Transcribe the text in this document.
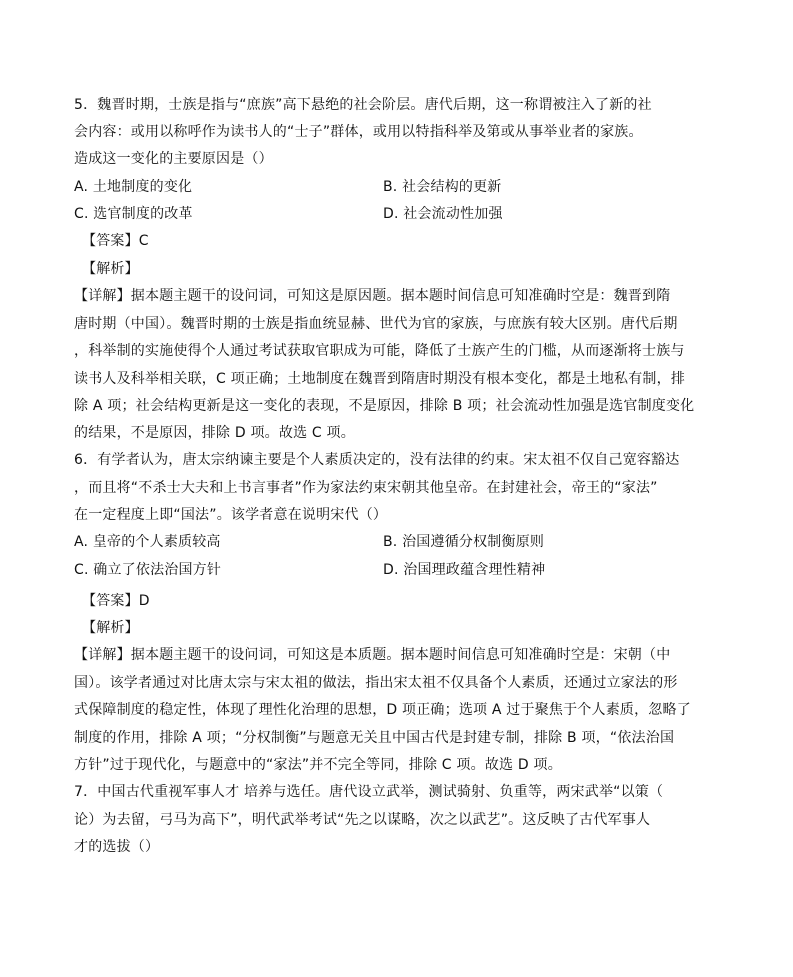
5．魏晋时期，士族是指与“庶族”高下悬绝的社会阶层。唐代后期，这一称谓被注入了新的社
会内容：或用以称呼作为读书人的“士子”群体，或用以特指科举及第或从事举业者的家族。
造成这一变化的主要原因是（）
A. 土地制度的变化	B. 社会结构的更新
C. 选官制度的改革	D. 社会流动性加强
【答案】C
【解析】
【详解】据本题主题干的设问词，可知这是原因题。据本题时间信息可知准确时空是：魏晋到隋
唐时期（中国）。魏晋时期的士族是指血统显赫、世代为官的家族，与庶族有较大区别。唐代后期
，科举制的实施使得个人通过考试获取官职成为可能，降低了士族产生的门槛，从而逐渐将士族与
读书人及科举相关联，C 项正确；土地制度在魏晋到隋唐时期没有根本变化，都是土地私有制，排
除 A 项；社会结构更新是这一变化的表现，不是原因，排除 B 项；社会流动性加强是选官制度变化
的结果，不是原因，排除 D 项。故选 C 项。
6．有学者认为，唐太宗纳谏主要是个人素质决定的，没有法律的约束。宋太祖不仅自己宽容豁达
，而且将“不杀士大夫和上书言事者”作为家法约束宋朝其他皇帝。在封建社会，帝王的“家法”
在一定程度上即“国法”。该学者意在说明宋代（）
A. 皇帝的个人素质较高	B. 治国遵循分权制衡原则
C. 确立了依法治国方针	D. 治国理政蕴含理性精神
【答案】D
【解析】
【详解】据本题主题干的设问词，可知这是本质题。据本题时间信息可知准确时空是：宋朝（中
国）。该学者通过对比唐太宗与宋太祖的做法，指出宋太祖不仅具备个人素质，还通过立家法的形
式保障制度的稳定性，体现了理性化治理的思想，D 项正确；选项 A 过于聚焦于个人素质，忽略了
制度的作用，排除 A 项；“分权制衡”与题意无关且中国古代是封建专制，排除 B 项，“依法治国
方针”过于现代化，与题意中的“家法”并不完全等同，排除 C 项。故选 D 项。
7．中国古代重视军事人才 培养与选任。唐代设立武举，测试骑射、负重等，两宋武举“以策（
论）为去留，弓马为高下”，明代武举考试“先之以谋略，次之以武艺”。这反映了古代军事人
才的选拔（）
